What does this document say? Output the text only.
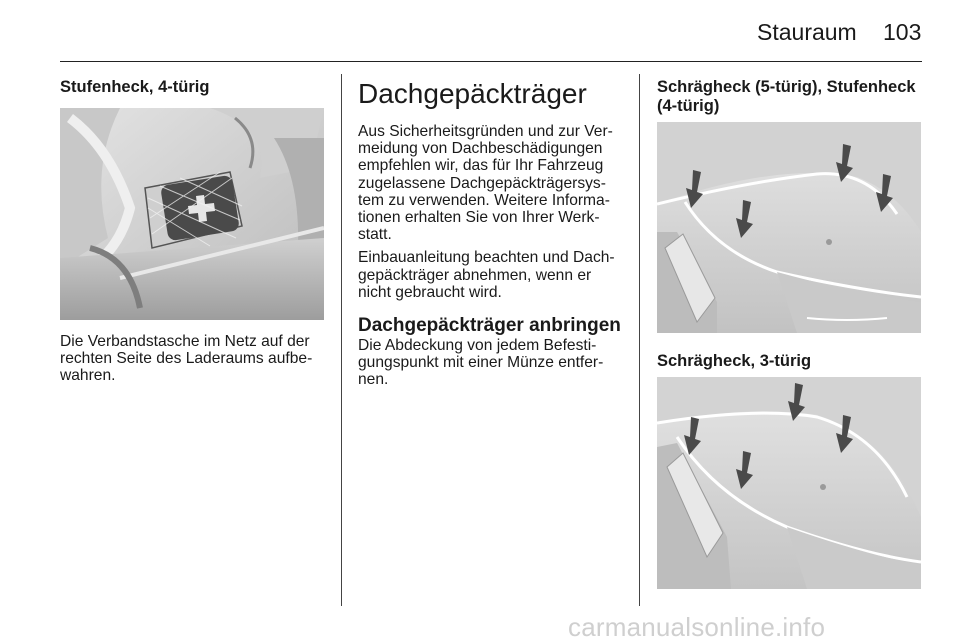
Stauraum 103
Stufenheck, 4-türig

Die Verbandstasche im Netz auf der
rechten Seite des Laderaums aufbe-
wahren.

Dachgepäckträger

Aus Sicherheitsgründen und zur Ver-
meidung von Dachbeschädigungen
empfehlen wir, das für Ihr Fahrzeug
zugelassene Dachgepäckträgersys-
tem zu verwenden. Weitere Informa-
tionen erhalten Sie von Ihrer Werk-
statt.

Einbauanleitung beachten und Dach-
gepäckträger abnehmen, wenn er
nicht gebraucht wird.

Dachgepäckträger anbringen

Die Abdeckung von jedem Befesti-
gungspunkt mit einer Münze entfer-
nen.

Schrägheck (5-türig), Stufenheck
(4-türig)
Schrägheck, 3-türig
carmanualsonline.info
